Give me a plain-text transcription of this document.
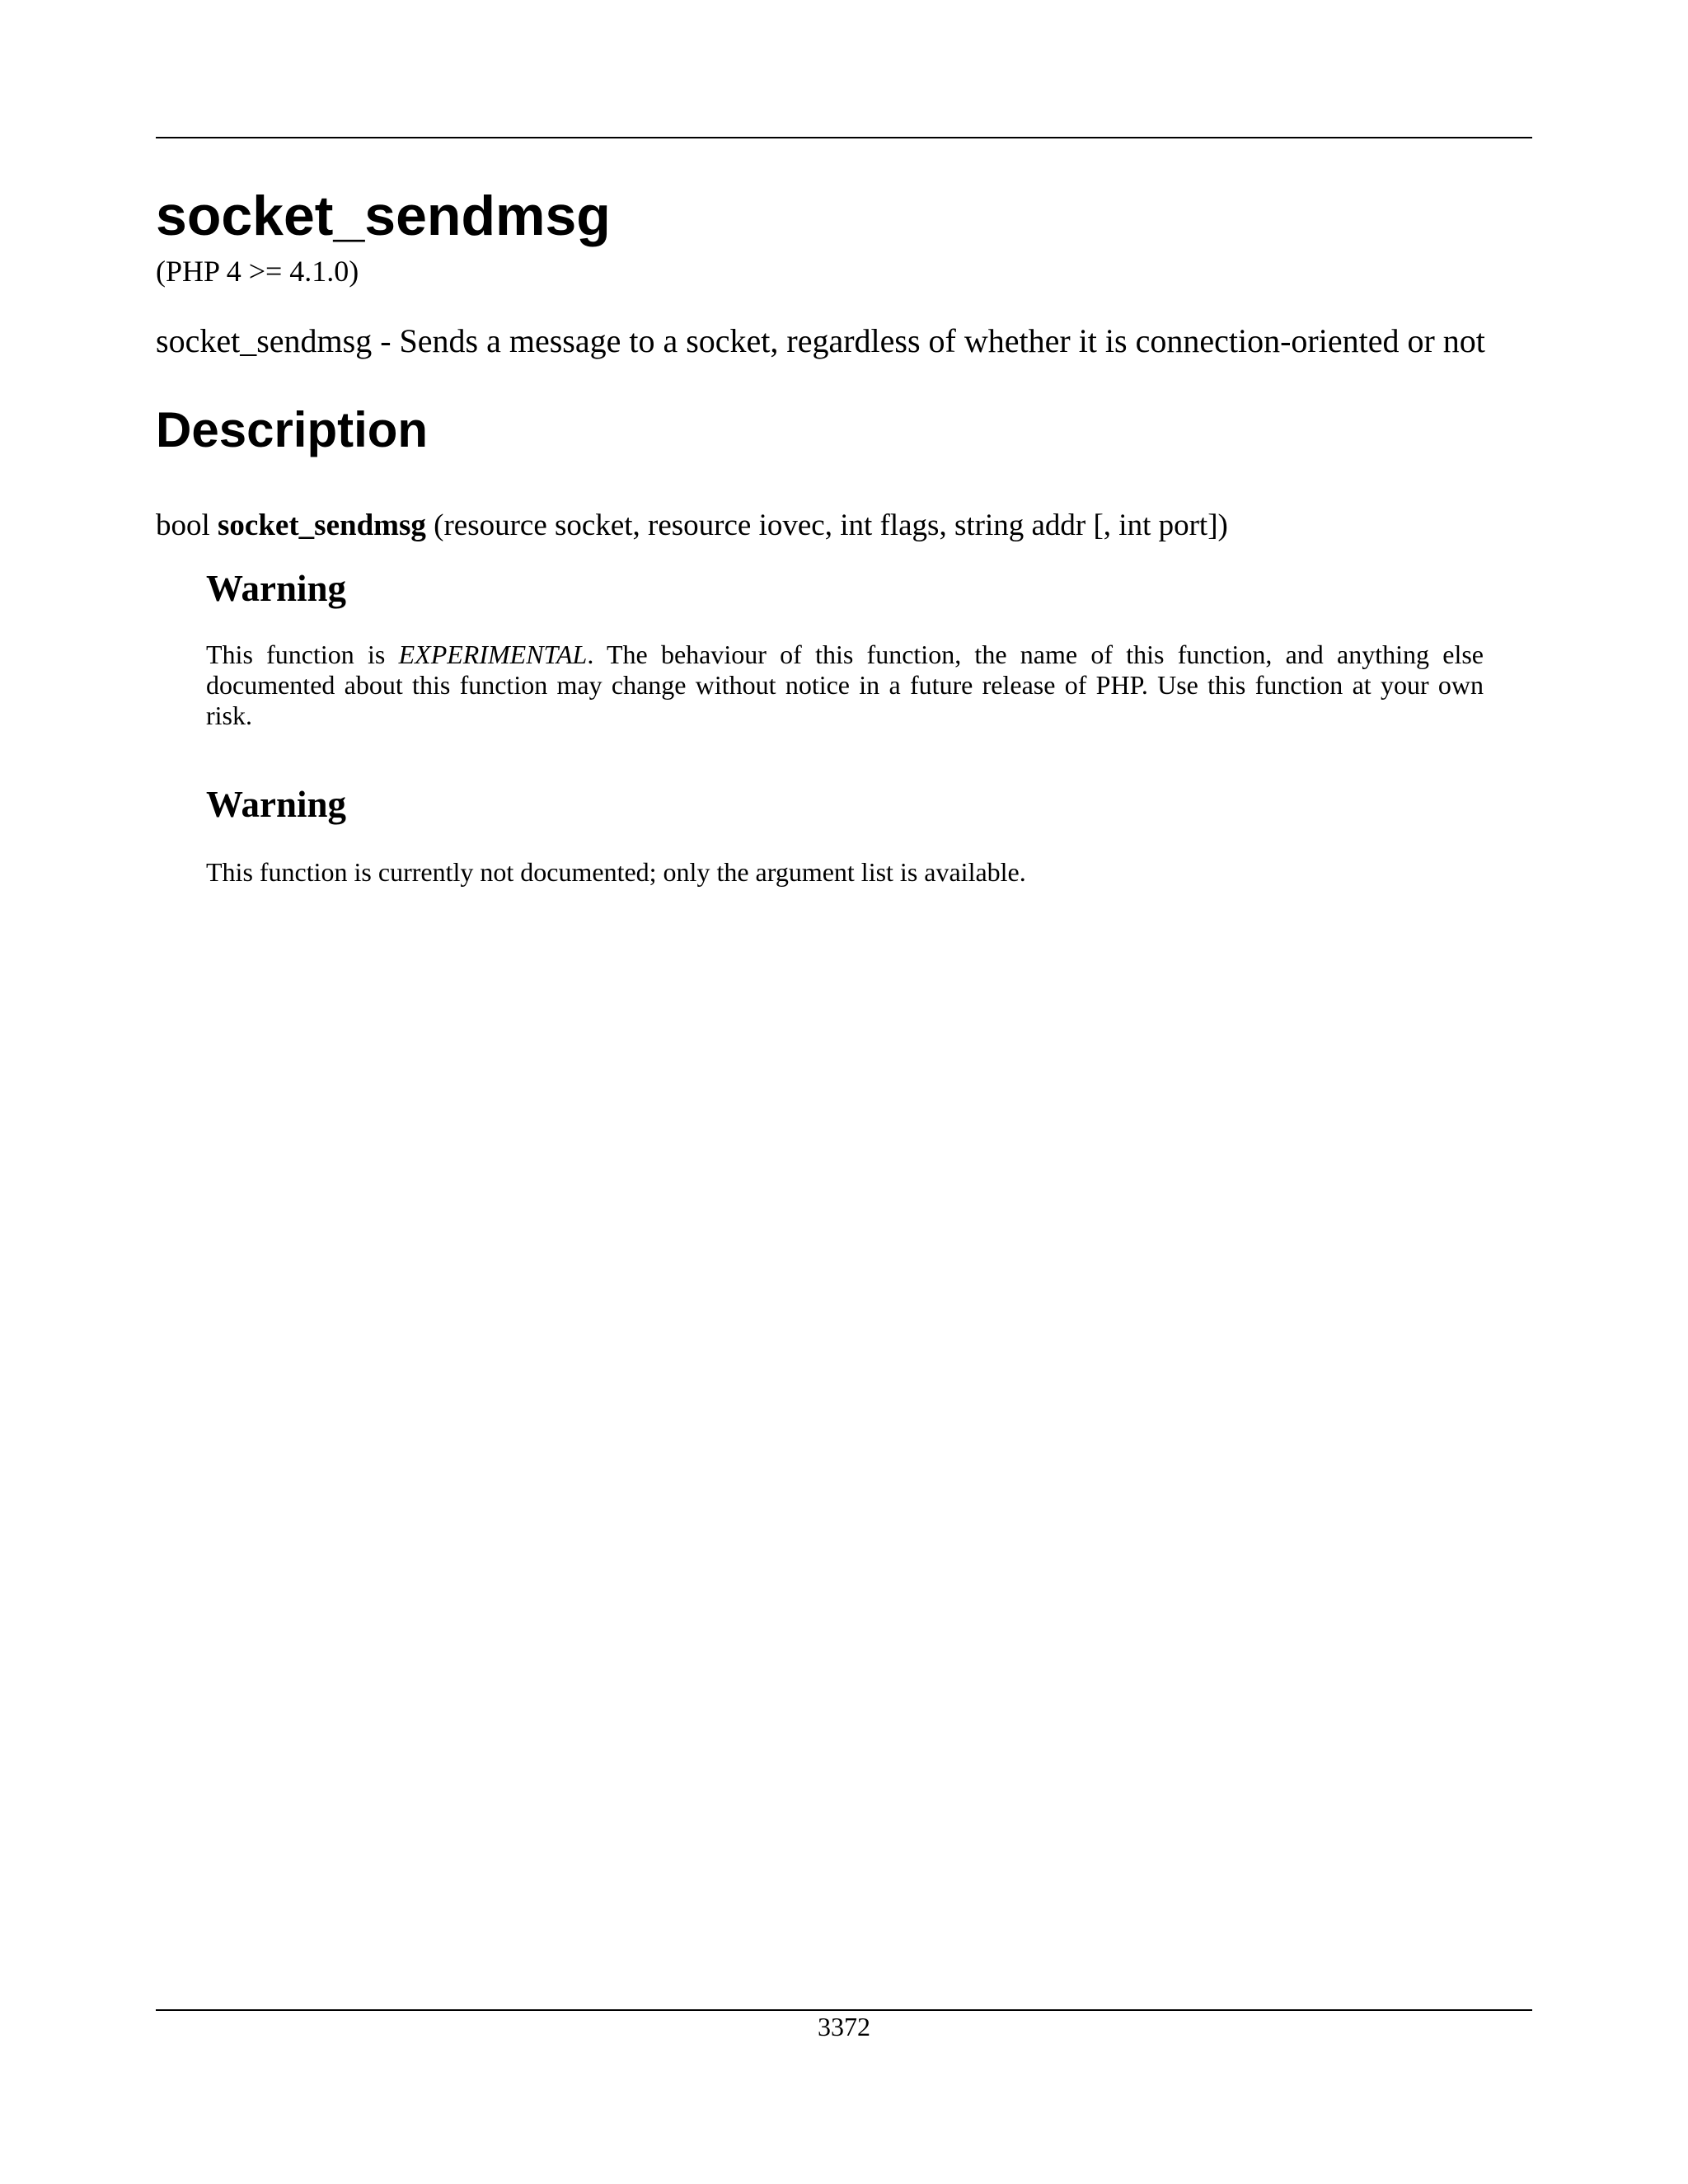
socket_sendmsg
(PHP 4 >= 4.1.0)
socket_sendmsg - Sends a message to a socket, regardless of whether it is connection-oriented or not
Description
bool socket_sendmsg (resource socket, resource iovec, int flags, string addr [, int port])
Warning

This function is EXPERIMENTAL. The behaviour of this function, the name of this function, and anything else documented about this function may change without notice in a future release of PHP. Use this function at your own risk.

Warning

This function is currently not documented; only the argument list is available.

3372
